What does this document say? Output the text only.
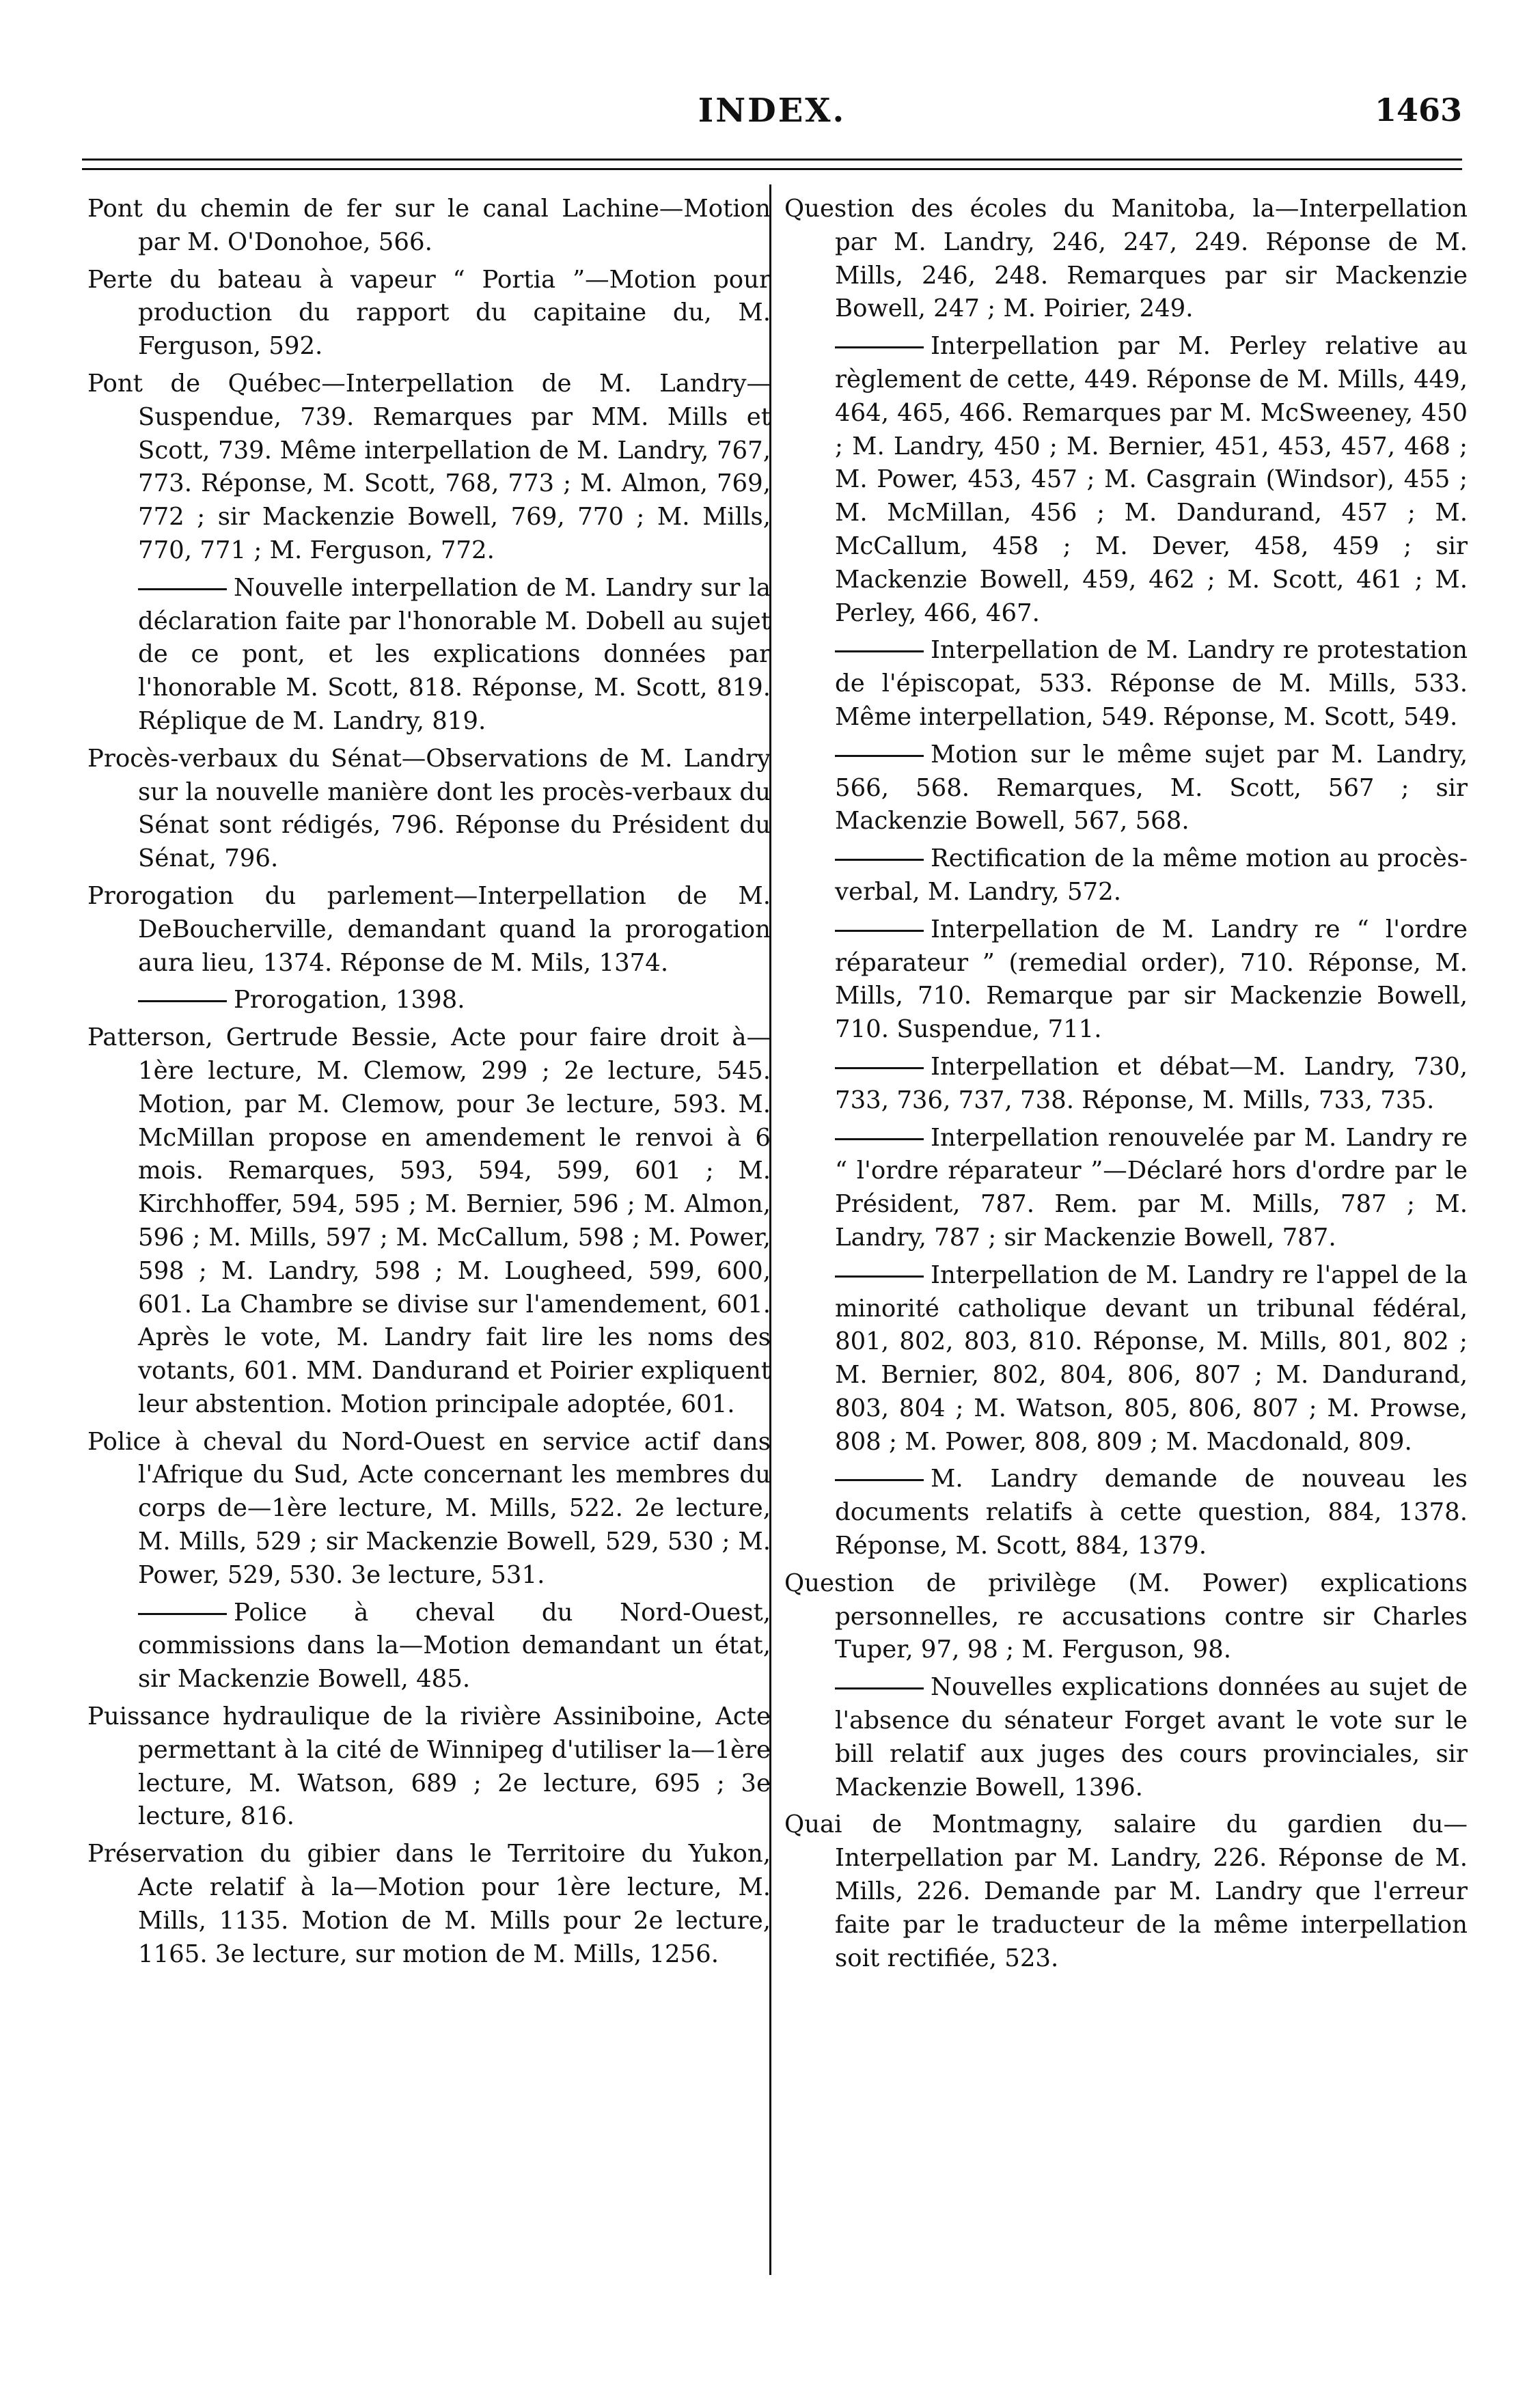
INDEX.	1463

Pont du chemin de fer sur le canal Lachine—Motion par M. O'Donohoe, 566.

Perte du bateau à vapeur “ Portia ”—Motion pour production du rapport du capitaine du, M. Ferguson, 592.

Pont de Québec—Interpellation de M. Landry—Suspendue, 739. Remarques par MM. Mills et Scott, 739. Même interpellation de M. Landry, 767, 773. Réponse, M. Scott, 768, 773 ; M. Almon, 769, 772 ; sir Mackenzie Bowell, 769, 770 ; M. Mills, 770, 771 ; M. Ferguson, 772.

Nouvelle interpellation de M. Landry sur la déclaration faite par l'honorable M. Dobell au sujet de ce pont, et les explications données par l'honorable M. Scott, 818. Réponse, M. Scott, 819. Réplique de M. Landry, 819.

Procès-verbaux du Sénat—Observations de M. Landry sur la nouvelle manière dont les procès-verbaux du Sénat sont rédigés, 796. Réponse du Président du Sénat, 796.

Prorogation du parlement—Interpellation de M. DeBoucherville, demandant quand la prorogation aura lieu, 1374. Réponse de M. Mils, 1374.

Prorogation, 1398.

Patterson, Gertrude Bessie, Acte pour faire droit à—1ère lecture, M. Clemow, 299 ; 2e lecture, 545. Motion, par M. Clemow, pour 3e lecture, 593. M. McMillan propose en amendement le renvoi à 6 mois. Remarques, 593, 594, 599, 601 ; M. Kirchhoffer, 594, 595 ; M. Bernier, 596 ; M. Almon, 596 ; M. Mills, 597 ; M. McCallum, 598 ; M. Power, 598 ; M. Landry, 598 ; M. Lougheed, 599, 600, 601. La Chambre se divise sur l'amendement, 601. Après le vote, M. Landry fait lire les noms des votants, 601. MM. Dandurand et Poirier expliquent leur abstention. Motion principale adoptée, 601.

Police à cheval du Nord-Ouest en service actif dans l'Afrique du Sud, Acte concernant les membres du corps de—1ère lecture, M. Mills, 522. 2e lecture, M. Mills, 529 ; sir Mackenzie Bowell, 529, 530 ; M. Power, 529, 530. 3e lecture, 531.

Police à cheval du Nord-Ouest, commissions dans la—Motion demandant un état, sir Mackenzie Bowell, 485.

Puissance hydraulique de la rivière Assiniboine, Acte permettant à la cité de Winnipeg d'utiliser la—1ère lecture, M. Watson, 689 ; 2e lecture, 695 ; 3e lecture, 816.

Préservation du gibier dans le Territoire du Yukon, Acte relatif à la—Motion pour 1ère lecture, M. Mills, 1135. Motion de M. Mills pour 2e lecture, 1165. 3e lecture, sur motion de M. Mills, 1256.

Question des écoles du Manitoba, la—Interpellation par M. Landry, 246, 247, 249. Réponse de M. Mills, 246, 248. Remarques par sir Mackenzie Bowell, 247 ; M. Poirier, 249.

Interpellation par M. Perley relative au règlement de cette, 449. Réponse de M. Mills, 449, 464, 465, 466. Remarques par M. McSweeney, 450 ; M. Landry, 450 ; M. Bernier, 451, 453, 457, 468 ; M. Power, 453, 457 ; M. Casgrain (Windsor), 455 ; M. McMillan, 456 ; M. Dandurand, 457 ; M. McCallum, 458 ; M. Dever, 458, 459 ; sir Mackenzie Bowell, 459, 462 ; M. Scott, 461 ; M. Perley, 466, 467.

Interpellation de M. Landry re protestation de l'épiscopat, 533. Réponse de M. Mills, 533. Même interpellation, 549. Réponse, M. Scott, 549.

Motion sur le même sujet par M. Landry, 566, 568. Remarques, M. Scott, 567 ; sir Mackenzie Bowell, 567, 568.

Rectification de la même motion au procès-verbal, M. Landry, 572.

Interpellation de M. Landry re “ l'ordre réparateur ” (remedial order), 710. Réponse, M. Mills, 710. Remarque par sir Mackenzie Bowell, 710. Suspendue, 711.

Interpellation et débat—M. Landry, 730, 733, 736, 737, 738. Réponse, M. Mills, 733, 735.

Interpellation renouvelée par M. Landry re “ l'ordre réparateur ”—Déclaré hors d'ordre par le Président, 787. Rem. par M. Mills, 787 ; M. Landry, 787 ; sir Mackenzie Bowell, 787.

Interpellation de M. Landry re l'appel de la minorité catholique devant un tribunal fédéral, 801, 802, 803, 810. Réponse, M. Mills, 801, 802 ; M. Bernier, 802, 804, 806, 807 ; M. Dandurand, 803, 804 ; M. Watson, 805, 806, 807 ; M. Prowse, 808 ; M. Power, 808, 809 ; M. Macdonald, 809.

M. Landry demande de nouveau les documents relatifs à cette question, 884, 1378. Réponse, M. Scott, 884, 1379.

Question de privilège (M. Power) explications personnelles, re accusations contre sir Charles Tuper, 97, 98 ; M. Ferguson, 98.

Nouvelles explications données au sujet de l'absence du sénateur Forget avant le vote sur le bill relatif aux juges des cours provinciales, sir Mackenzie Bowell, 1396.

Quai de Montmagny, salaire du gardien du—Interpellation par M. Landry, 226. Réponse de M. Mills, 226. Demande par M. Landry que l'erreur faite par le traducteur de la même interpellation soit rectifiée, 523.
